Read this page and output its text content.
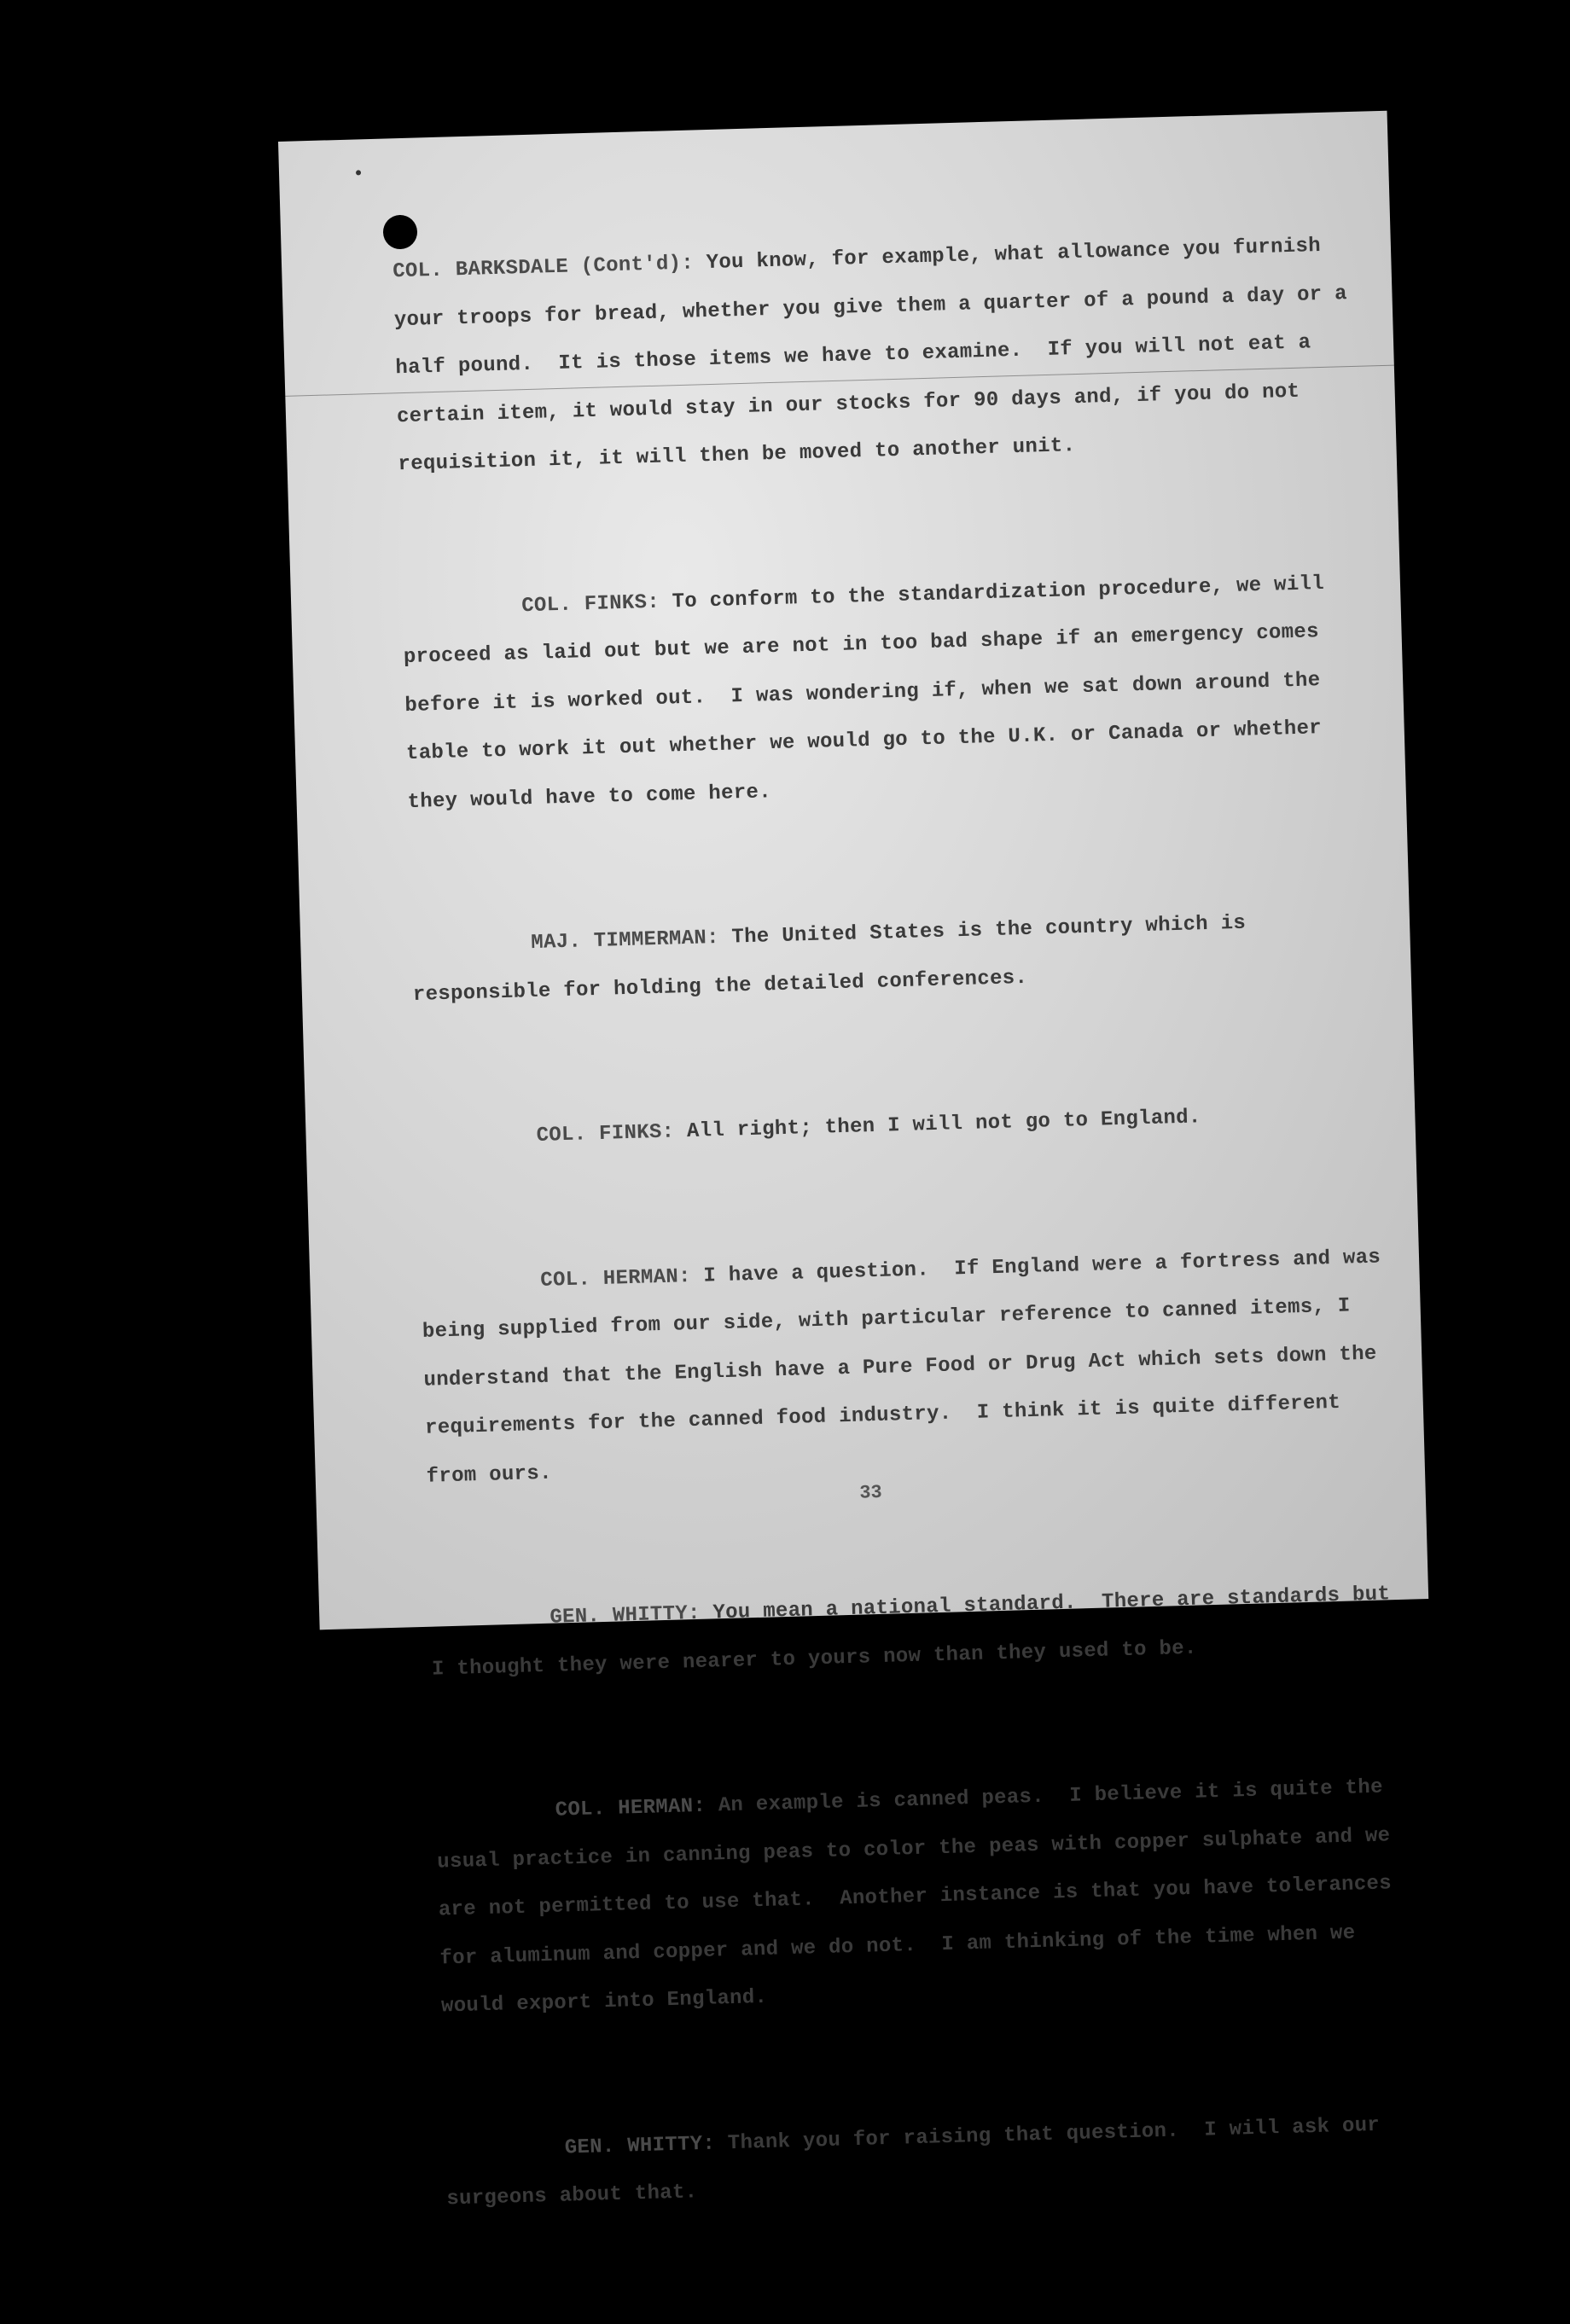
COL. BARKSDALE (Cont'd): You know, for example, what allowance you furnish your troops for bread, whether you give them a quarter of a pound a day or a half pound.  It is those items we have to examine.  If you will not eat a certain item, it would stay in our stocks for 90 days and, if you do not requisition it, it will then be moved to another unit.

COL. FINKS: To conform to the standardization procedure, we will proceed as laid out but we are not in too bad shape if an emergency comes before it is worked out.  I was wondering if, when we sat down around the table to work it out whether we would go to the U.K. or Canada or whether they would have to come here.

MAJ. TIMMERMAN: The United States is the country which is responsible for holding the detailed conferences.

COL. FINKS: All right; then I will not go to England.

COL. HERMAN: I have a question.  If England were a fortress and was being supplied from our side, with particular reference to canned items, I understand that the English have a Pure Food or Drug Act which sets down the requirements for the canned food industry.  I think it is quite different from ours.

GEN. WHITTY: You mean a national standard.  There are standards but I thought they were nearer to yours now than they used to be.

COL. HERMAN: An example is canned peas.  I believe it is quite the usual practice in canning peas to color the peas with copper sulphate and we are not permitted to use that.  Another instance is that you have tolerances for aluminum and copper and we do not.  I am thinking of the time when we would export into England.

GEN. WHITTY: Thank you for raising that question.  I will ask our surgeons about that.

33
